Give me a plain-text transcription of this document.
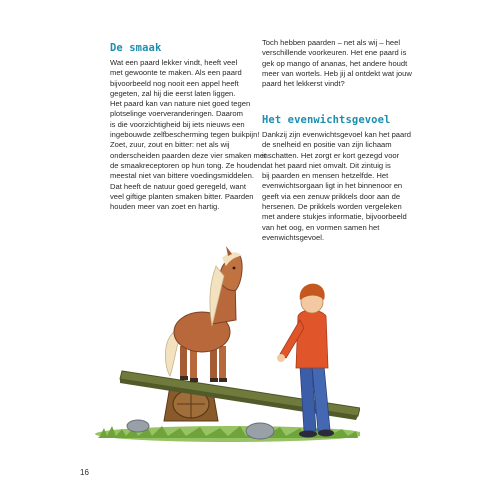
De smaak

Wat een paard lekker vindt, heeft veel

met gewoonte te maken. Als een paard

bijvoorbeeld nog nooit een appel heeft

gegeten, zal hij die eerst laten liggen.

Het paard kan van nature niet goed tegen

plotselinge voerveranderingen. Daarom

is die voorzichtigheid bij iets nieuws een

ingebouwde zelfbescherming tegen buikpijn!

Zoet, zuur, zout en bitter: net als wij

onderscheiden paarden deze vier smaken met

de smaakreceptoren op hun tong. Ze houden

meestal niet van bittere voedingsmiddelen.

Dat heeft de natuur goed geregeld, want

veel giftige planten smaken bitter. Paarden

houden meer van zoet en hartig.

Toch hebben paarden – net als wij – heel

verschillende voorkeuren. Het ene paard is

gek op mango of ananas, het andere houdt

meer van wortels. Heb jij al ontdekt wat jouw

paard het lekkerst vindt?

Het evenwichtsgevoel

Dankzij zijn evenwichtsgevoel kan het paard

de snelheid en positie van zijn lichaam

inschatten. Het zorgt er kort gezegd voor

dat het paard niet omvalt. Dit zintuig is

bij paarden en mensen hetzelfde. Het

evenwichtsorgaan ligt in het binnenoor en

geeft via een zenuw prikkels door aan de

hersenen. De prikkels worden vergeleken

met andere stukjes informatie, bijvoorbeeld

van het oog, en vormen samen het

evenwichtsgevoel.

16
